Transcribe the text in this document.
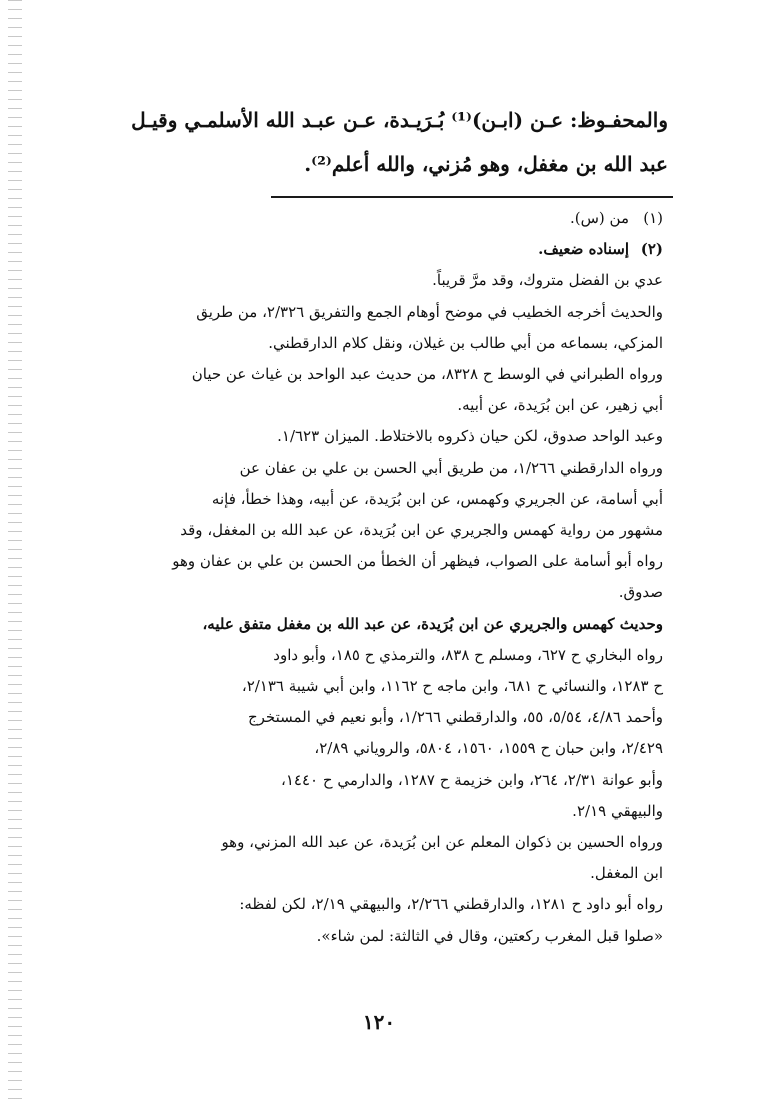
والمحفـوظ: عـن (ابـن)⁽¹⁾ بُـرَيـدة، عـن عبـد الله الأسلمـي وقيـل

عبد الله بن مغفل، وهو مُزني، والله أعلم⁽²⁾.

(١)من (س).

(٢)إسناده ضعيف.

عدي بن الفضل متروك، وقد مرَّ قريباً.

والحديث أخرجه الخطيب في موضح أوهام الجمع والتفريق ٢/٣٢٦، من طريق

المزكي، بسماعه من أبي طالب بن غيلان، ونقل كلام الدارقطني.

ورواه الطبراني في الوسط ح ٨٣٢٨، من حديث عبد الواحد بن غياث عن حيان

أبي زهير، عن ابن بُرَيدة، عن أبيه.

وعبد الواحد صدوق، لكن حيان ذكروه بالاختلاط. الميزان ١/٦٢٣.

ورواه الدارقطني ١/٢٦٦، من طريق أبي الحسن بن علي بن عفان عن

أبي أسامة، عن الجريري وكهمس، عن ابن بُرَيدة، عن أبيه، وهذا خطأ، فإنه

مشهور من رواية كهمس والجريري عن ابن بُرَيدة، عن عبد الله بن المغفل، وقد

رواه أبو أسامة على الصواب، فيظهر أن الخطأ من الحسن بن علي بن عفان وهو

صدوق.

وحديث كهمس والجريري عن ابن بُرَيدة، عن عبد الله بن مغفل متفق عليه،

رواه البخاري ح ٦٢٧، ومسلم ح ٨٣٨، والترمذي ح ١٨٥، وأبو داود

ح ١٢٨٣، والنسائي ح ٦٨١، وابن ماجه ح ١١٦٢، وابن أبي شيبة ٢/١٣٦،

وأحمد ٤/٨٦، ٥/٥٤، ٥٥، والدارقطني ١/٢٦٦، وأبو نعيم في المستخرج

٢/٤٢٩، وابن حبان ح ١٥٥٩، ١٥٦٠، ٥٨٠٤، والروياني ٢/٨٩،

وأبو عوانة ٢/٣١، ٢٦٤، وابن خزيمة ح ١٢٨٧، والدارمي ح ١٤٤٠،

والبيهقي ٢/١٩.

ورواه الحسين بن ذكوان المعلم عن ابن بُرَيدة، عن عبد الله المزني، وهو

ابن المغفل.

رواه أبو داود ح ١٢٨١، والدارقطني ٢/٢٦٦، والبيهقي ٢/١٩، لكن لفظه:

«صلوا قبل المغرب ركعتين، وقال في الثالثة: لمن شاء».

١٢٠
